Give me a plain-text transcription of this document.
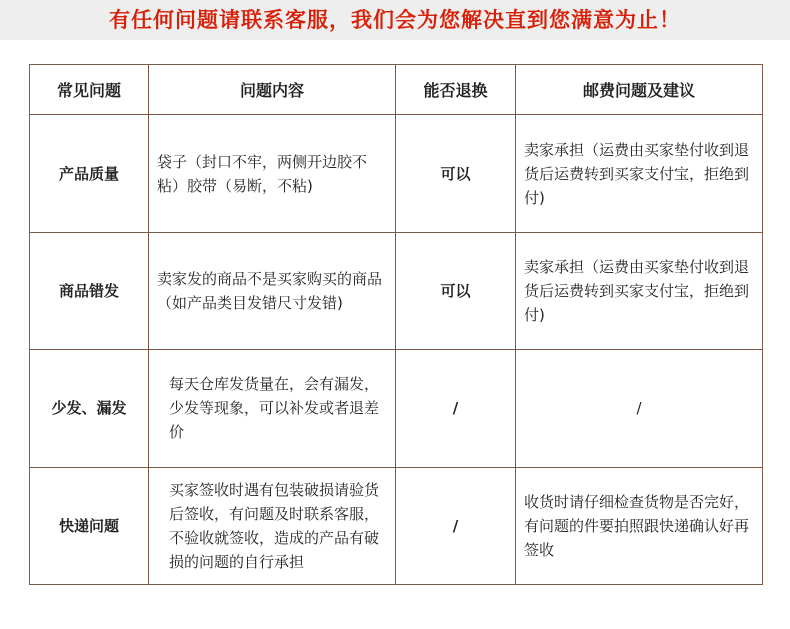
有任何问题请联系客服，我们会为您解决直到您满意为止！
常见问题	问题内容	能否退换	邮费问题及建议
产品质量	袋子（封口不牢，两侧开边胶不粘）胶带（易断，不粘)	可以	卖家承担（运费由买家垫付收到退货后运费转到买家支付宝，拒绝到付)
商品错发	卖家发的商品不是买家购买的商品（如产品类目发错尺寸发错)	可以	卖家承担（运费由买家垫付收到退货后运费转到买家支付宝，拒绝到付)
少发、漏发	每天仓库发货量在，会有漏发，少发等现象，可以补发或者退差价	/	/
快递问题	买家签收时遇有包装破损请验货后签收，有问题及时联系客服，不验收就签收，造成的产品有破损的问题的自行承担	/	收货时请仔细检查货物是否完好，有问题的件要拍照跟快递确认好再签收
